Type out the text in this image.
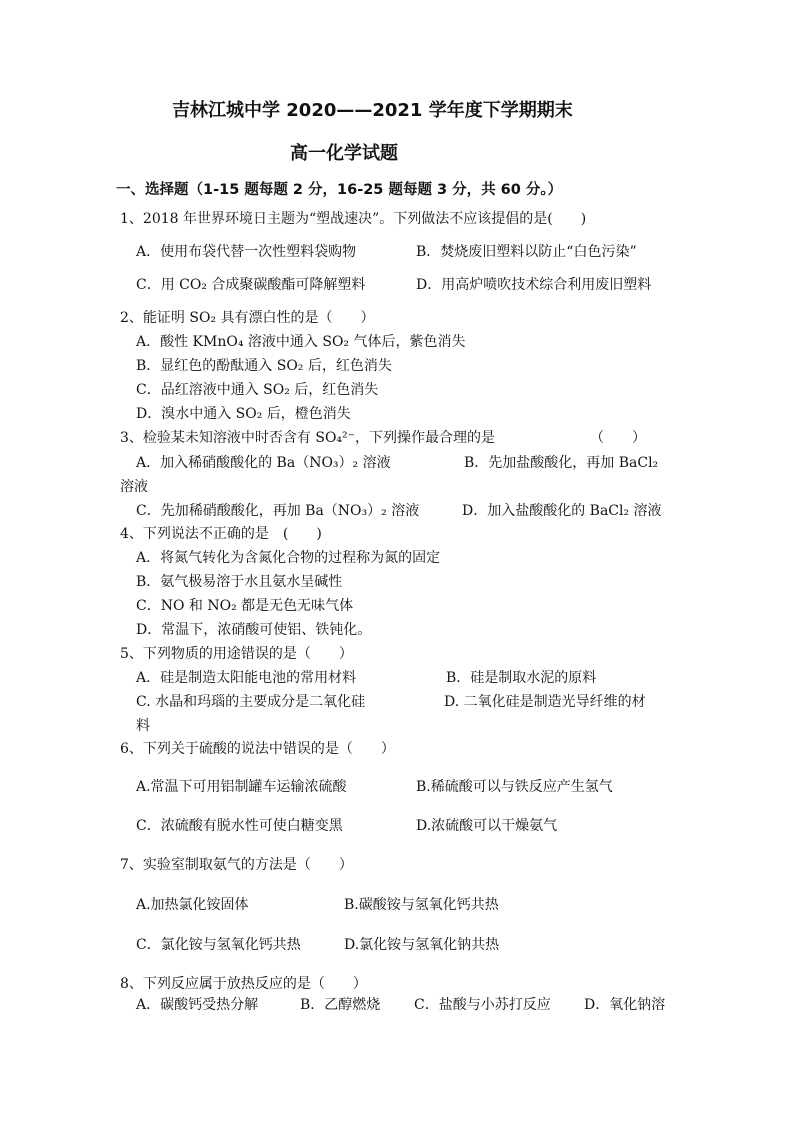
吉林江城中学 2020——2021 学年度下学期期末
高一化学试题
一、选择题（1-15 题每题 2 分，16-25 题每题 3 分，共 60 分。）
1、2018 年世界环境日主题为“塑战速决”。下列做法不应该提倡的是(　　)
A．使用布袋代替一次性塑料袋购物	B．焚烧废旧塑料以防止“白色污染”
C．用 CO₂ 合成聚碳酸酯可降解塑料	D．用高炉喷吹技术综合利用废旧塑料
2、能证明 SO₂ 具有漂白性的是（　　）
A．酸性 KMnO₄ 溶液中通入 SO₂ 气体后，紫色消失
B．显红色的酚酞通入 SO₂ 后，红色消失
C．品红溶液中通入 SO₂ 后，红色消失
D．溴水中通入 SO₂ 后，橙色消失
3、检验某未知溶液中时否含有 SO₄²⁻，下列操作最合理的是	（　　）
A．加入稀硝酸酸化的 Ba（NO₃）₂ 溶液	B．先加盐酸酸化，再加 BaCl₂
溶液
C．先加稀硝酸酸化，再加 Ba（NO₃）₂ 溶液	D．加入盐酸酸化的 BaCl₂ 溶液
4、下列说法不正确的是　(　　)
A．将氮气转化为含氮化合物的过程称为氮的固定
B．氨气极易溶于水且氨水呈碱性
C．NO 和 NO₂ 都是无色无味气体
D．常温下，浓硝酸可使铝、铁钝化。
5、下列物质的用途错误的是（　　）
A．硅是制造太阳能电池的常用材料	B．硅是制取水泥的原料
C. 水晶和玛瑙的主要成分是二氧化硅	D. 二氧化硅是制造光导纤维的材
料
6、下列关于硫酸的说法中错误的是（　　）
A.常温下可用铝制罐车运输浓硫酸	B.稀硫酸可以与铁反应产生氢气
C．浓硫酸有脱水性可使白糖变黑	D.浓硫酸可以干燥氨气
7、实验室制取氨气的方法是（　　）
A.加热氯化铵固体	B.碳酸铵与氢氧化钙共热
C．氯化铵与氢氧化钙共热	D.氯化铵与氢氧化钠共热
8、下列反应属于放热反应的是（　　）
A．碳酸钙受热分解	B．乙醇燃烧 C．盐酸与小苏打反应 D．氧化钠溶
